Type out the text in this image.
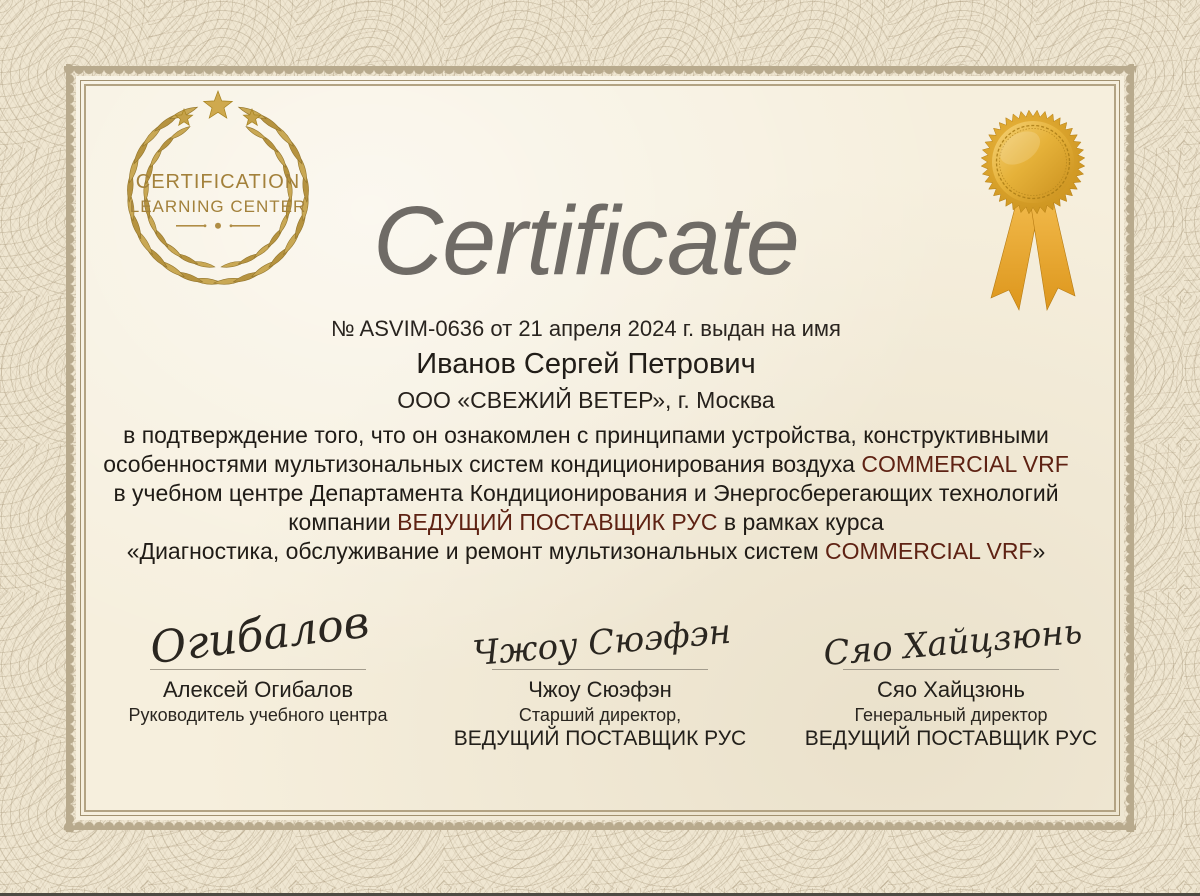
CERTIFICATION
LEARNING CENTER Certificate
№ ASVIM-0636 от 21 апреля 2024 г. выдан на имя
Иванов Сергей Петрович
ООО «СВЕЖИЙ ВЕТЕР», г. Москва
в подтверждение того, что он ознакомлен с принципами устройства, конструктивными
особенностями мультизональных систем кондиционирования воздуха COMMERCIAL VRF
в учебном центре Департамента Кондиционирования и Энергосберегающих технологий
компании ВЕДУЩИЙ ПОСТАВЩИК РУС в рамках курса
«Диагностика, обслуживание и ремонт мультизональных систем COMMERCIAL VRF»
Огибалов
Алексей Огибалов
Руководитель учебного центра
Чжоу Сюэфэн
Чжоу Сюэфэн
Старший директор,
ВЕДУЩИЙ ПОСТАВЩИК РУС
Сяо Хайцзюнь
Сяо Хайцзюнь
Генеральный директор
ВЕДУЩИЙ ПОСТАВЩИК РУС
